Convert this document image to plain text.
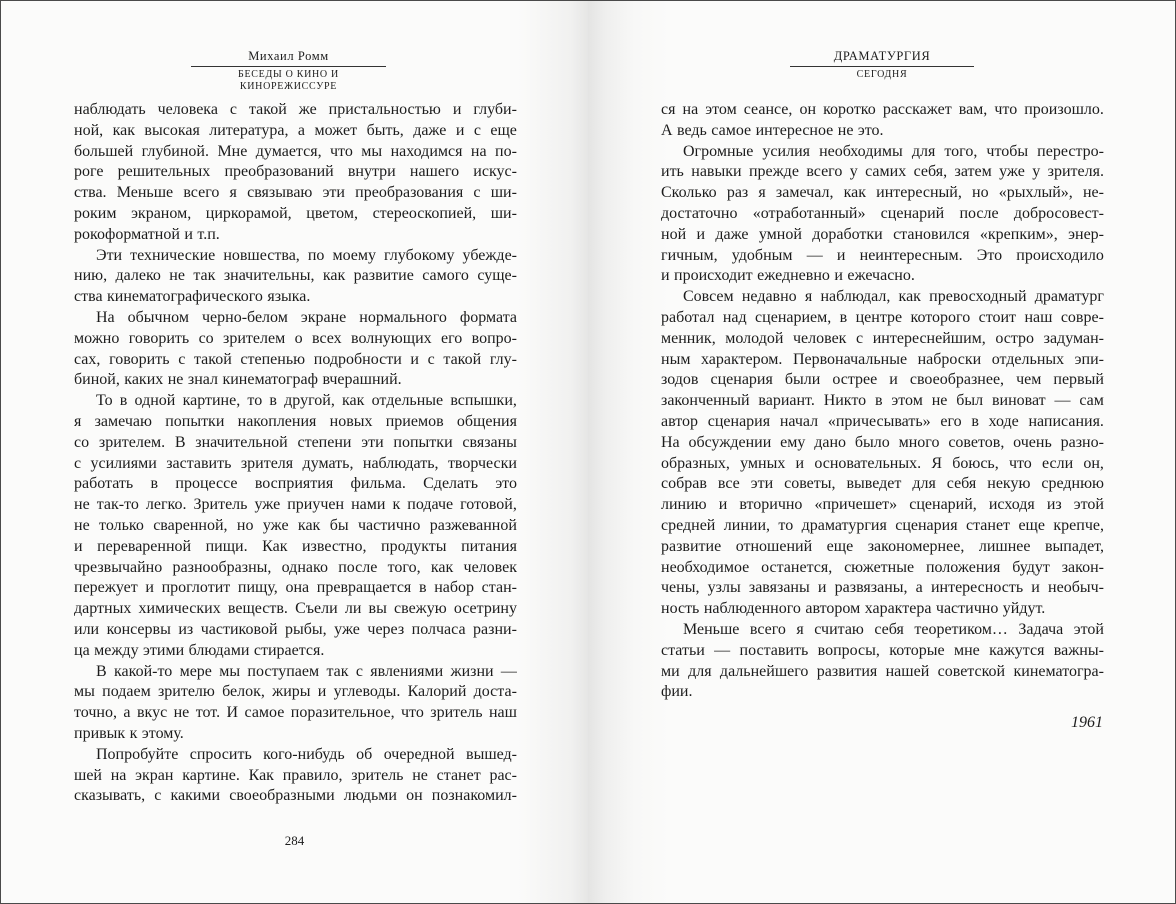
Михаил Ромм
БЕСЕДЫ О КИНО И КИНОРЕЖИССУРЕ
наблюдать человека с такой же пристальностью и глуби-
ной, как высокая литература, а может быть, даже и с еще
большей глубиной. Мне думается, что мы находимся на по-
роге решительных преобразований внутри нашего искус-
ства. Меньше всего я связываю эти преобразования с ши-
роким экраном, циркорамой, цветом, стереоскопией, ши-
рокоформатной и т.п.
Эти технические новшества, по моему глубокому убежде-
нию, далеко не так значительны, как развитие самого суще-
ства кинематографического языка.
На обычном черно-белом экране нормального формата
можно говорить со зрителем о всех волнующих его вопро-
сах, говорить с такой степенью подробности и с такой глу-
биной, каких не знал кинематограф вчерашний.
То в одной картине, то в другой, как отдельные вспышки,
я замечаю попытки накопления новых приемов общения
со зрителем. В значительной степени эти попытки связаны
с усилиями заставить зрителя думать, наблюдать, творчески
работать в процессе восприятия фильма. Сделать это
не так-то легко. Зритель уже приучен нами к подаче готовой,
не только сваренной, но уже как бы частично разжеванной
и переваренной пищи. Как известно, продукты питания
чрезвычайно разнообразны, однако после того, как человек
пережует и проглотит пищу, она превращается в набор стан-
дартных химических веществ. Съели ли вы свежую осетрину
или консервы из частиковой рыбы, уже через полчаса разни-
ца между этими блюдами стирается.
В какой-то мере мы поступаем так с явлениями жизни —
мы подаем зрителю белок, жиры и углеводы. Калорий доста-
точно, а вкус не тот. И самое поразительное, что зритель наш
привык к этому.
Попробуйте спросить кого-нибудь об очередной вышед-
шей на экран картине. Как правило, зритель не станет рас-
сказывать, с какими своеобразными людьми он познакомил-
284
ДРАМАТУРГИЯ
СЕГОДНЯ
ся на этом сеансе, он коротко расскажет вам, что произошло.
А ведь самое интересное не это.
Огромные усилия необходимы для того, чтобы перестро-
ить навыки прежде всего у самих себя, затем уже у зрителя.
Сколько раз я замечал, как интересный, но «рыхлый», не-
достаточно «отработанный» сценарий после добросовест-
ной и даже умной доработки становился «крепким», энер-
гичным, удобным — и неинтересным. Это происходило
и происходит ежедневно и ежечасно.
Совсем недавно я наблюдал, как превосходный драматург
работал над сценарием, в центре которого стоит наш совре-
менник, молодой человек с интереснейшим, остро задуман-
ным характером. Первоначальные наброски отдельных эпи-
зодов сценария были острее и своеобразнее, чем первый
законченный вариант. Никто в этом не был виноват — сам
автор сценария начал «причесывать» его в ходе написания.
На обсуждении ему дано было много советов, очень разно-
образных, умных и основательных. Я боюсь, что если он,
собрав все эти советы, выведет для себя некую среднюю
линию и вторично «причешет» сценарий, исходя из этой
средней линии, то драматургия сценария станет еще крепче,
развитие отношений еще закономернее, лишнее выпадет,
необходимое останется, сюжетные положения будут закон-
чены, узлы завязаны и развязаны, а интересность и необыч-
ность наблюденного автором характера частично уйдут.
Меньше всего я считаю себя теоретиком… Задача этой
статьи — поставить вопросы, которые мне кажутся важны-
ми для дальнейшего развития нашей советской кинематогра-
фии.
1961
